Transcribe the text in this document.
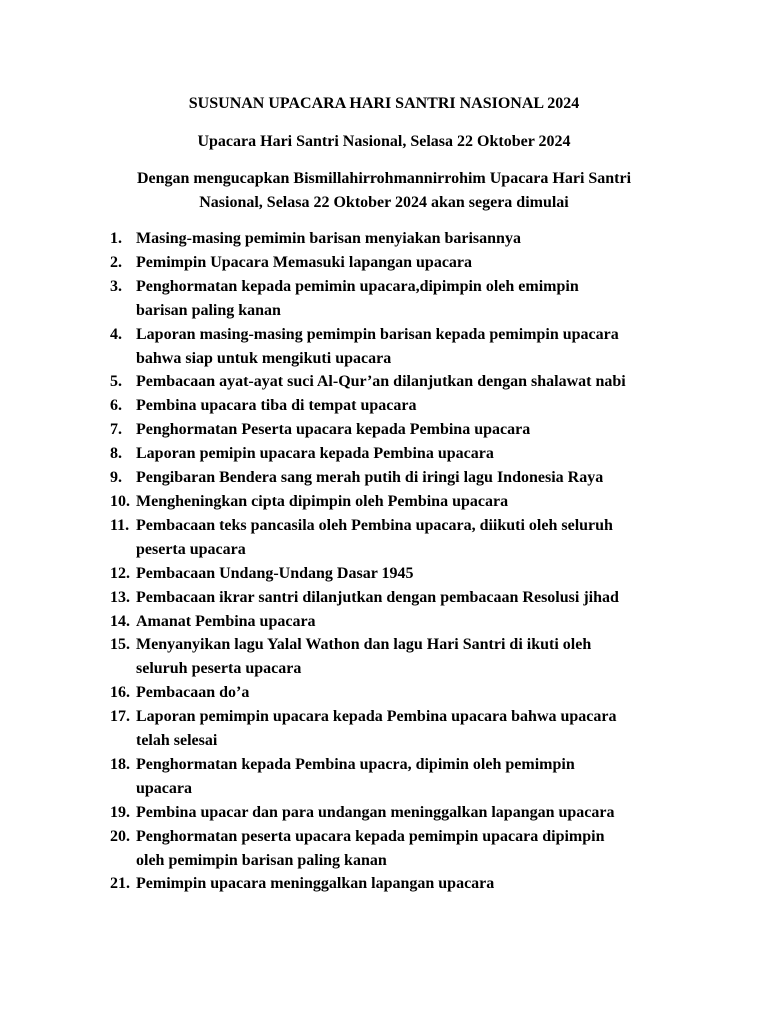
SUSUNAN UPACARA HARI SANTRI NASIONAL 2024

Upacara Hari Santri Nasional, Selasa 22 Oktober 2024

Dengan mengucapkan Bismillahirrohmannirrohim Upacara Hari Santri
Nasional, Selasa 22 Oktober 2024 akan segera dimulai

1. Masing-masing pemimin barisan menyiakan barisannya
2. Pemimpin Upacara Memasuki lapangan upacara
3. Penghormatan kepada pemimin upacara,dipimpin oleh emimpin
barisan paling kanan
4. Laporan masing-masing pemimpin barisan kepada pemimpin upacara
bahwa siap untuk mengikuti upacara
5. Pembacaan ayat-ayat suci Al-Qur’an dilanjutkan dengan shalawat nabi
6. Pembina upacara tiba di tempat upacara
7. Penghormatan Peserta upacara kepada Pembina upacara
8. Laporan pemipin upacara kepada Pembina upacara
9. Pengibaran Bendera sang merah putih di iringi lagu Indonesia Raya
10. Mengheningkan cipta dipimpin oleh Pembina upacara
11. Pembacaan teks pancasila oleh Pembina upacara, diikuti oleh seluruh
peserta upacara
12. Pembacaan Undang-Undang Dasar 1945
13. Pembacaan ikrar santri dilanjutkan dengan pembacaan Resolusi jihad
14. Amanat Pembina upacara
15. Menyanyikan lagu Yalal Wathon dan lagu Hari Santri di ikuti oleh
seluruh peserta upacara
16. Pembacaan do’a
17. Laporan pemimpin upacara kepada Pembina upacara bahwa upacara
telah selesai
18. Penghormatan kepada Pembina upacra, dipimin oleh pemimpin
upacara
19. Pembina upacar dan para undangan meninggalkan lapangan upacara
20. Penghormatan peserta upacara kepada pemimpin upacara dipimpin
oleh pemimpin barisan paling kanan
21. Pemimpin upacara meninggalkan lapangan upacara
